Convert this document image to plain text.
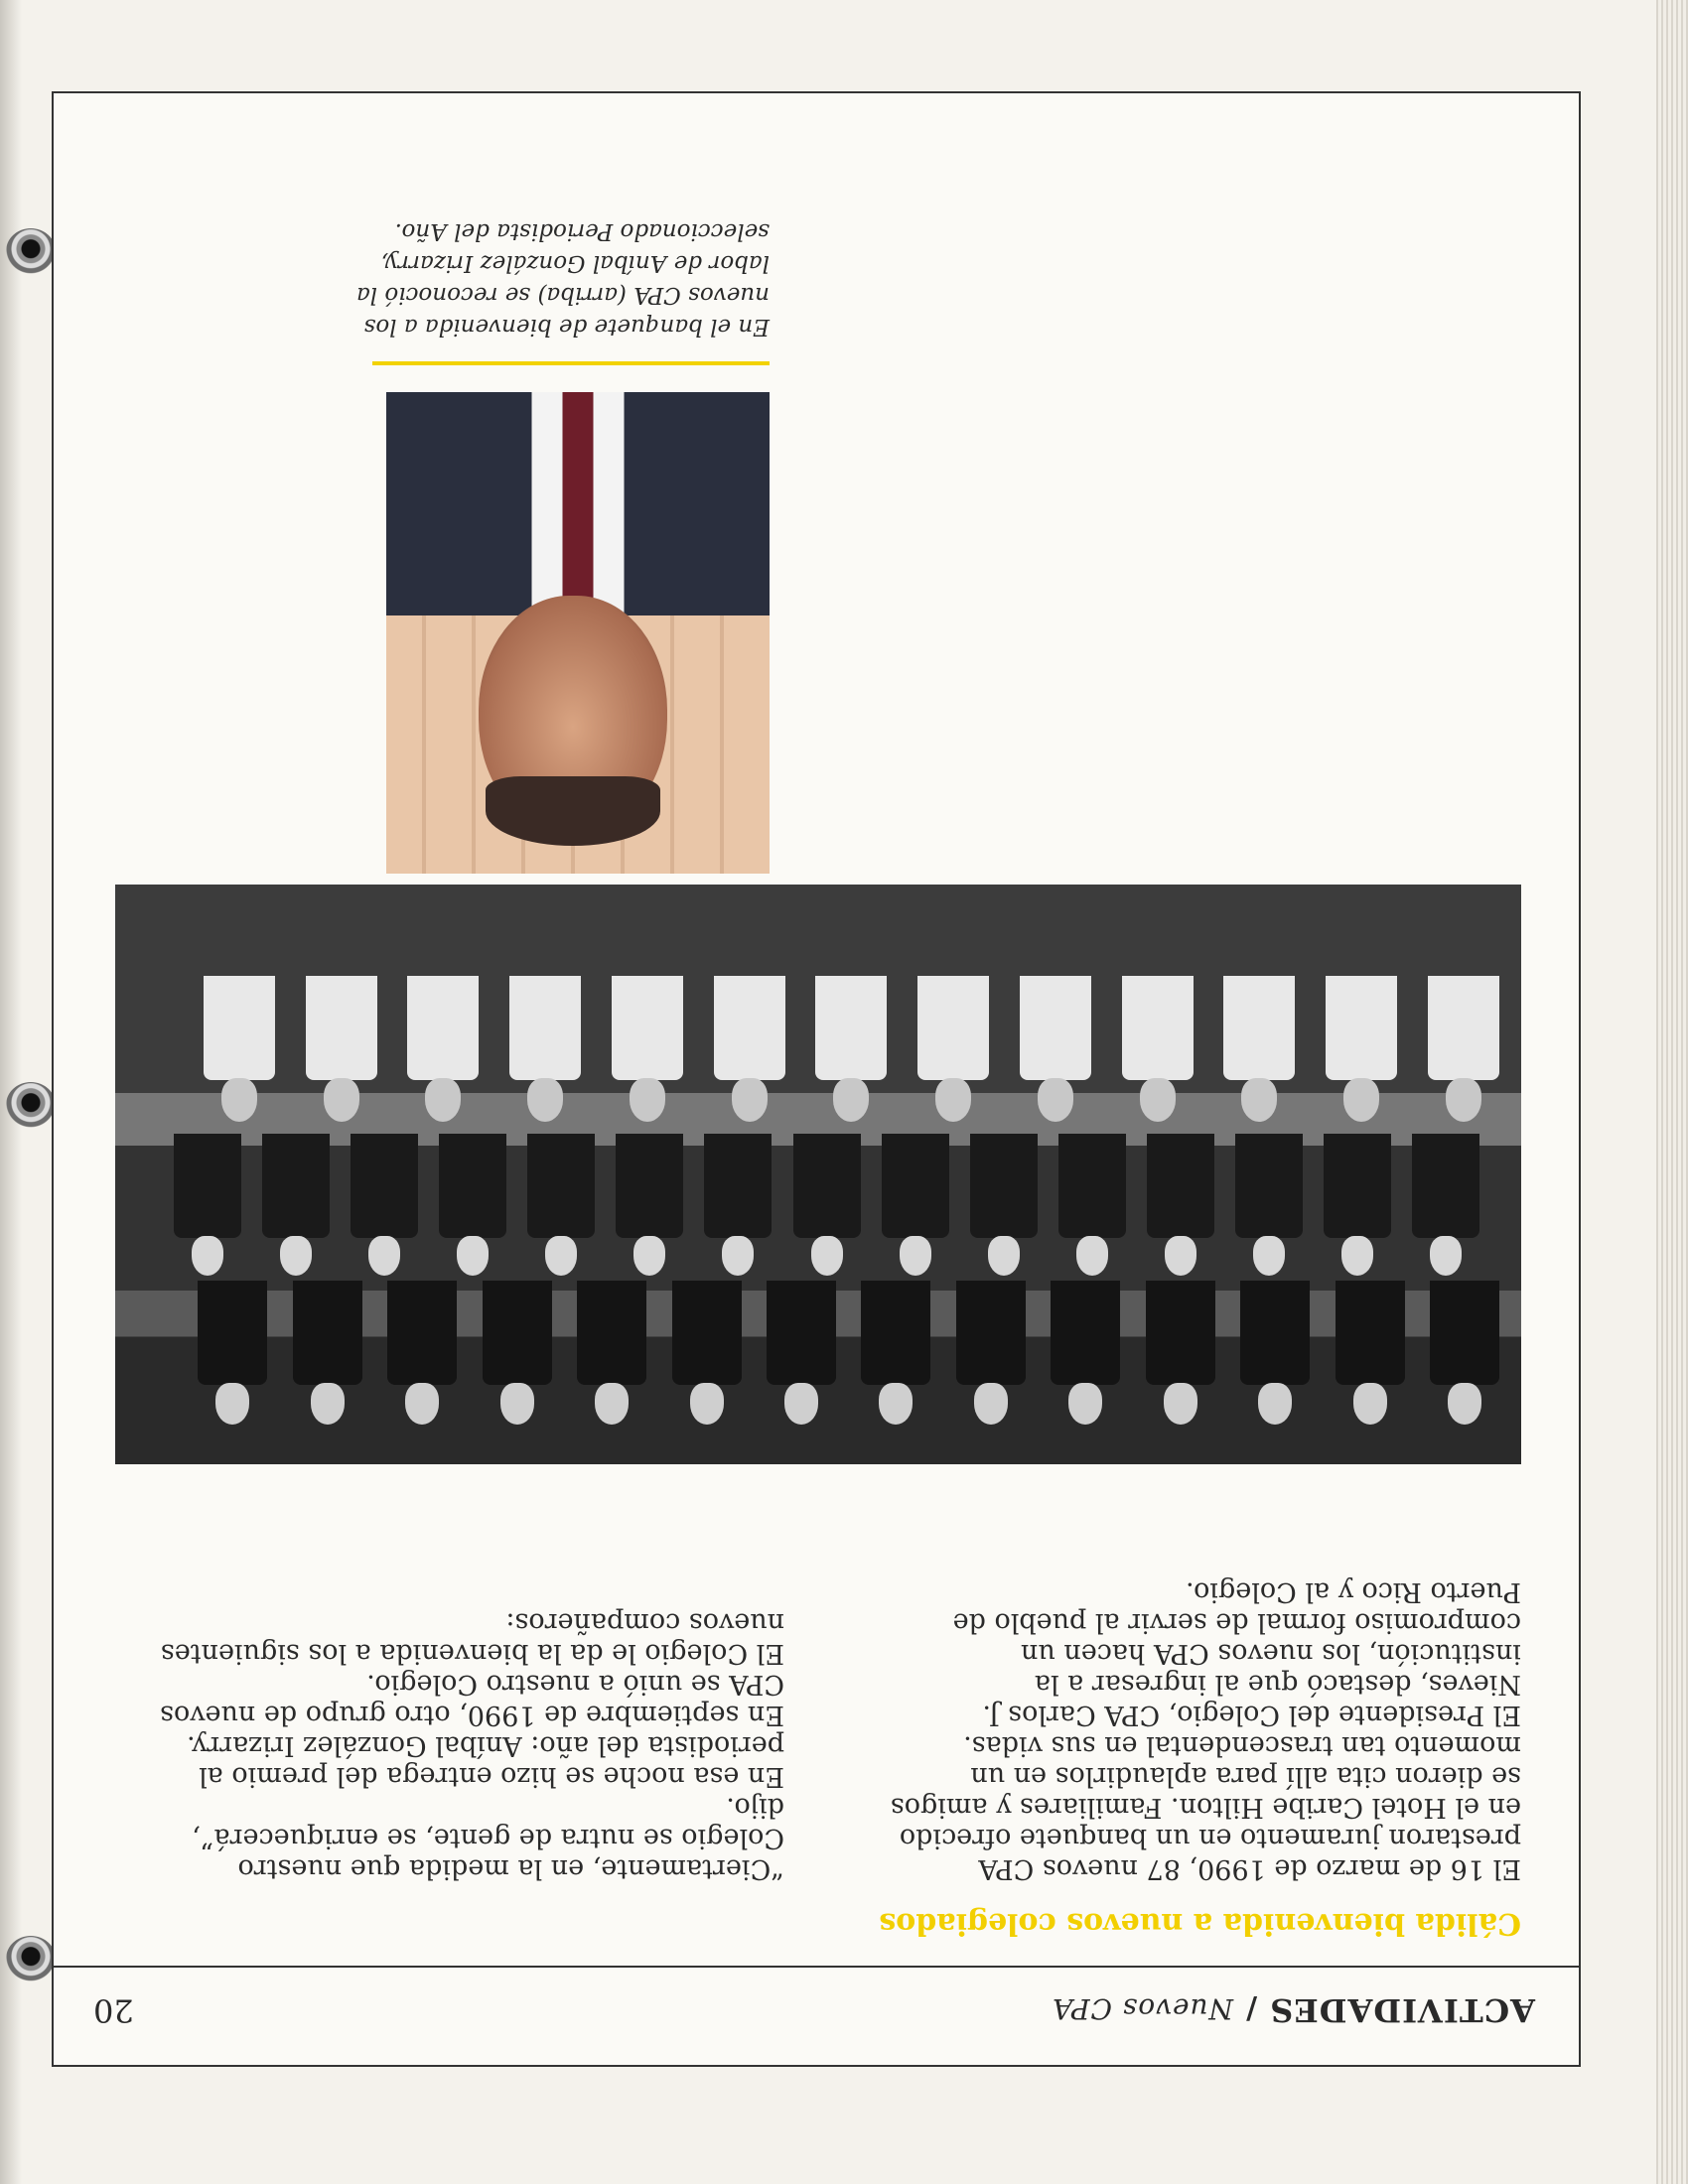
ACTIVIDADES / Nuevos CPA
20
Cálida bienvenida a nuevos colegiados

El 16 de marzo de 1990, 87 nuevos CPA prestaron juramento en un banquete ofrecido en el Hotel Caribe Hilton. Familiares y amigos se dieron cita allí para aplaudirlos en un momento tan trascendental en sus vidas.

El Presidente del Colegio, CPA Carlos J. Nieves, destacó que al ingresar a la institución, los nuevos CPA hacen un compromiso formal de servir al pueblo de Puerto Rico y al Colegio.

“Ciertamente, en la medida que nuestro Colegio se nutra de gente, se enriquecerá”, dijo.

En esa noche se hizo entrega del premio al periodista del año: Aníbal González Irizarry.

En septiembre de 1990, otro grupo de nuevos CPA se unió a nuestro Colegio.

El Colegio le da la bienvenida a los siguientes nuevos compañeros:

En el banquete de bienvenida a los nuevos CPA (arriba) se reconoció la labor de Aníbal González Irizarry, seleccionado Periodista del Año.
